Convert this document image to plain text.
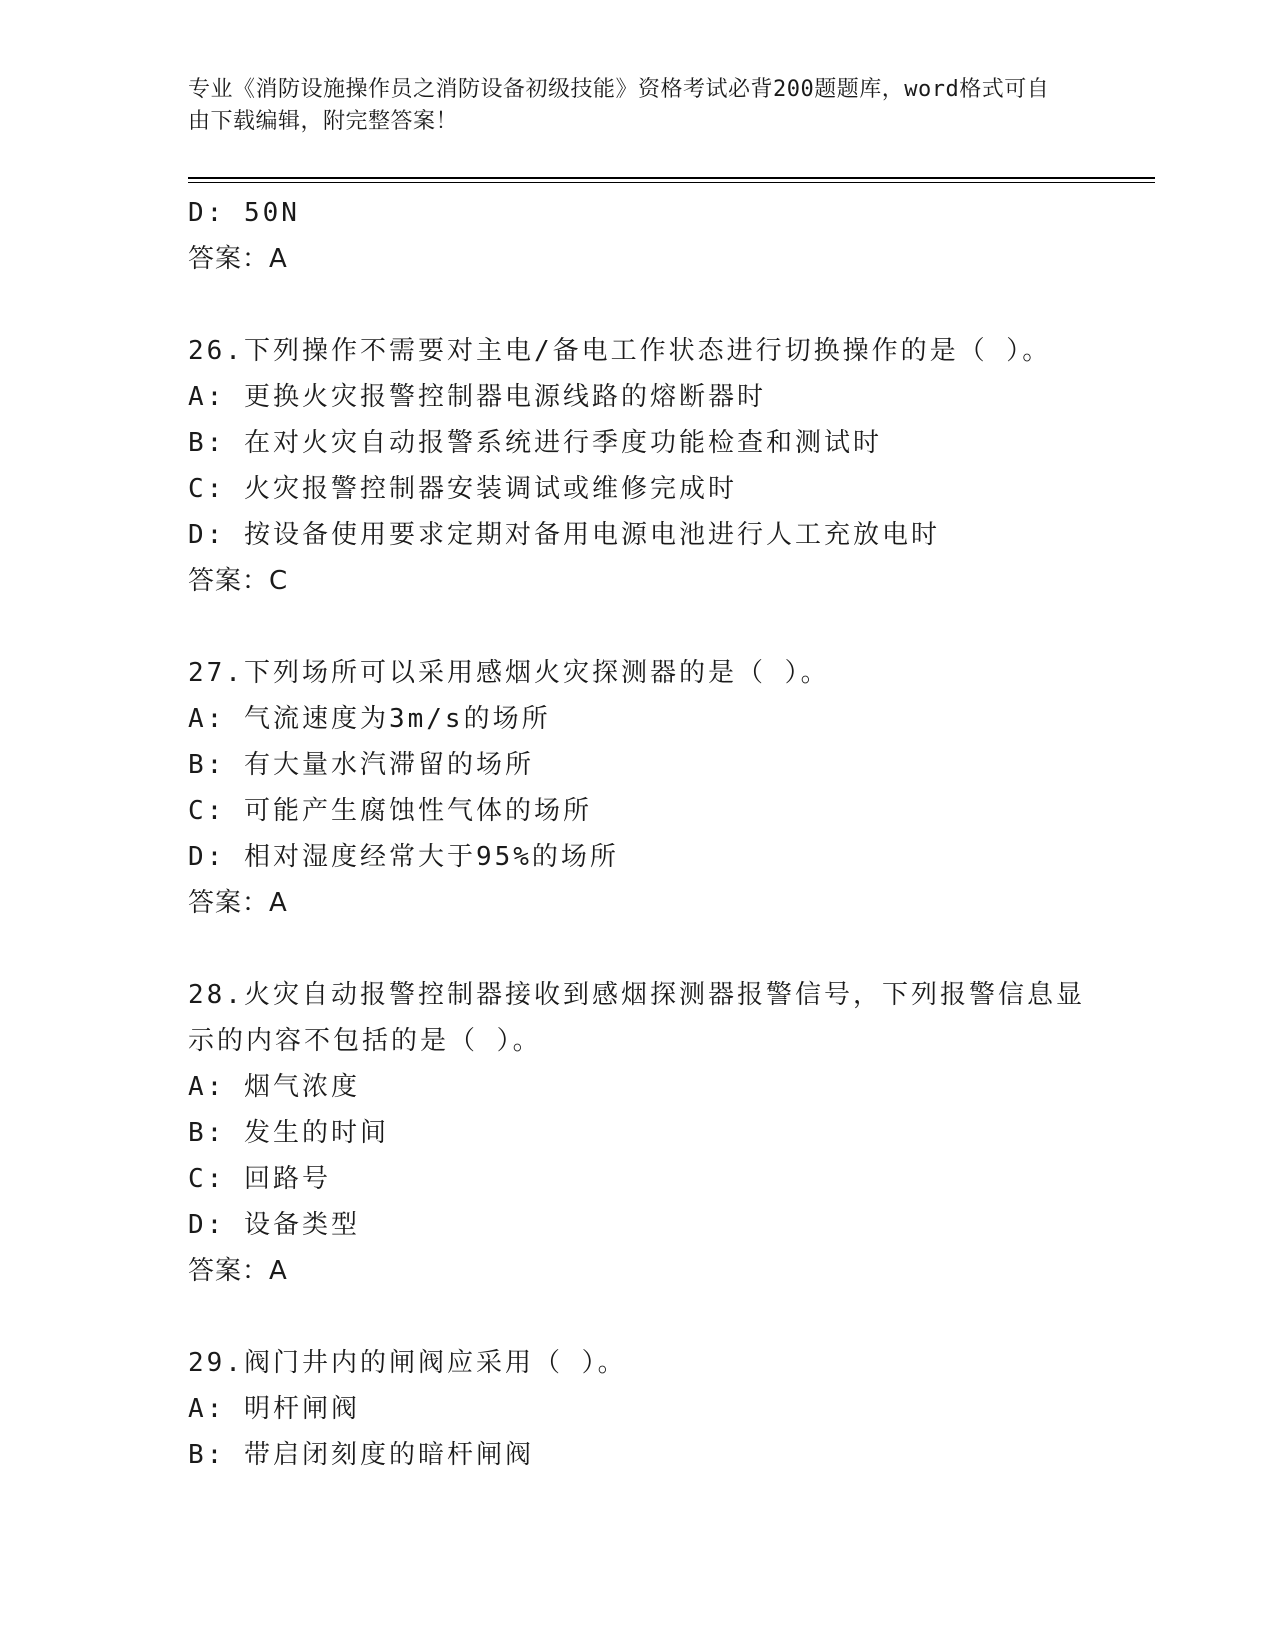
专业《消防设施操作员之消防设备初级技能》资格考试必背200题题库，word格式可自由下载编辑，附完整答案！
D: 50N
答案：A
26.下列操作不需要对主电/备电工作状态进行切换操作的是（ ）。
A: 更换火灾报警控制器电源线路的熔断器时
B: 在对火灾自动报警系统进行季度功能检查和测试时
C: 火灾报警控制器安装调试或维修完成时
D: 按设备使用要求定期对备用电源电池进行人工充放电时
答案：C
27.下列场所可以采用感烟火灾探测器的是（ ）。
A: 气流速度为3m/s的场所
B: 有大量水汽滞留的场所
C: 可能产生腐蚀性气体的场所
D: 相对湿度经常大于95%的场所
答案：A
28.火灾自动报警控制器接收到感烟探测器报警信号，下列报警信息显示的内容不包括的是（ ）。
A: 烟气浓度
B: 发生的时间
C: 回路号
D: 设备类型
答案：A
29.阀门井内的闸阀应采用（ ）。
A: 明杆闸阀
B: 带启闭刻度的暗杆闸阀
